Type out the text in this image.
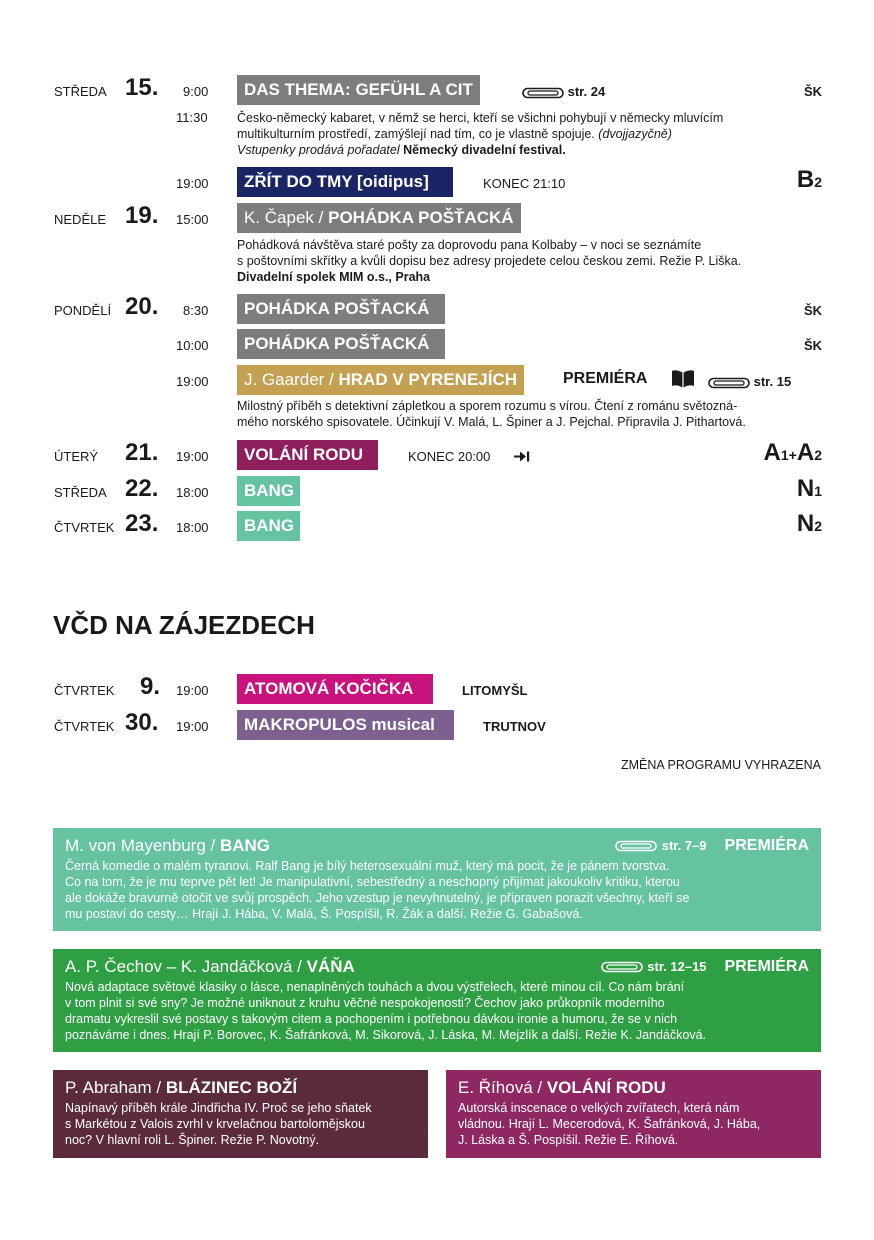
STŘEDA 15. 9:00	DAS THEMA: GEFÜHL A CIT	str. 24	ŠK
11:30 Česko-německý kabaret, v němž se herci, kteří se všichni pohybují v německy mluvícím
multikulturním prostředí, zamýšlejí nad tím, co je vlastně spojuje. (dvojjazyčně)
Vstupenky prodává pořadatel Německý divadelní festival.
19:00	ZŘÍT DO TMY [oidipus]	KONEC 21:10	B2
NEDĚLE 19. 15:00	K. Čapek / POHÁDKA POŠŤACKÁ
Pohádková návštěva staré pošty za doprovodu pana Kolbaby – v noci se seznámíte
s poštovními skřítky a kvůli dopisu bez adresy projedete celou českou zemi. Režie P. Liška.
Divadelní spolek MIM o.s., Praha
PONDĚLÍ 20. 8:30	POHÁDKA POŠŤACKÁ	ŠK
10:00	POHÁDKA POŠŤACKÁ	ŠK
19:00	J. Gaarder / HRAD V PYRENEJÍCH	PREMIÉRA	str. 15
Milostný příběh s detektivní zápletkou a sporem rozumu s vírou. Čtení z románu světozná-
mého norského spisovatele. Účinkují V. Malá, L. Špiner a J. Pejchal. Připravila J. Pithartová.
ÚTERÝ 21. 19:00	VOLÁNÍ RODU	KONEC 20:00	A1+A2
STŘEDA 22. 18:00	BANG	N1
ČTVRTEK 23. 18:00	BANG	N2
VČD NA ZÁJEZDECH
ČTVRTEK 9. 19:00	ATOMOVÁ KOČIČKA	LITOMYŠL
ČTVRTEK 30. 19:00	MAKROPULOS musical	TRUTNOV
ZMĚNA PROGRAMU VYHRAZENA
M. von Mayenburg / BANG	str. 7–9 PREMIÉRA
Černá komedie o malém tyranovi. Ralf Bang je bílý heterosexuální muž, který má pocit, že je pánem tvorstva.
Co na tom, že je mu teprve pět let! Je manipulativní, sebestředný a neschopný přijímat jakoukoliv kritiku, kterou
ale dokáže bravurně otočit ve svůj prospěch. Jeho vzestup je nevyhnutelný, je připraven porazit všechny, kteří se
mu postaví do cesty… Hrají J. Hába, V. Malá, Š. Pospíšil, R. Žák a další. Režie G. Gabašová.
A. P. Čechov – K. Jandáčková / VÁŇA	str. 12–15 PREMIÉRA
Nová adaptace světové klasiky o lásce, nenaplněných touhách a dvou výstřelech, které minou cíl. Co nám brání
v tom plnit si své sny? Je možné uniknout z kruhu věčné nespokojenosti? Čechov jako průkopník moderního
dramatu vykreslil své postavy s takovým citem a pochopením i potřebnou dávkou ironie a humoru, že se v nich
poznáváme i dnes. Hrají P. Borovec, K. Šafránková, M. Sikorová, J. Láska, M. Mejzlík a další. Režie K. Jandáčková.
P. Abraham / BLÁZINEC BOŽÍ
Napínavý příběh krále Jindřicha IV. Proč se jeho sňatek
s Markétou z Valois zvrhl v krvelačnou bartolomějskou
noc? V hlavní roli L. Špiner. Režie P. Novotný.
E. Říhová / VOLÁNÍ RODU
Autorská inscenace o velkých zvířatech, která nám
vládnou. Hrají L. Mecerodová, K. Šafránková, J. Hába,
J. Láska a Š. Pospíšil. Režie E. Říhová.
